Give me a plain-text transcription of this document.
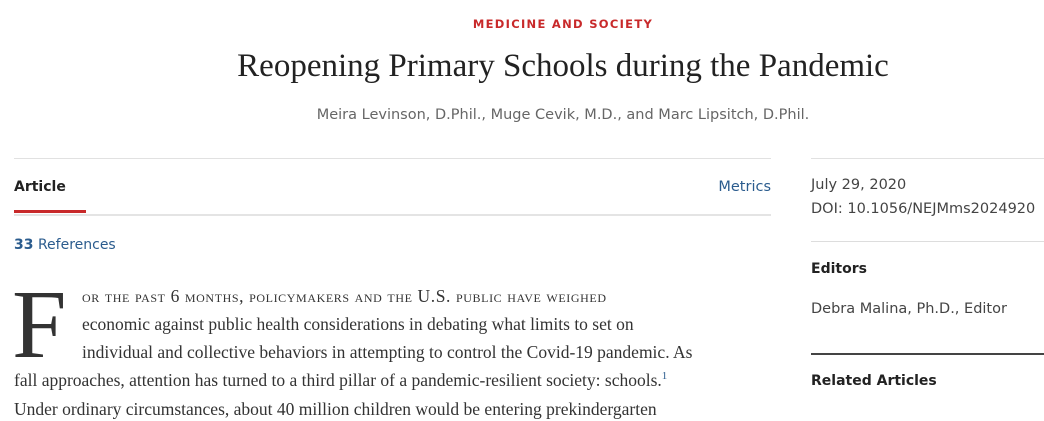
MEDICINE AND SOCIETY
Reopening Primary Schools during the Pandemic
Meira Levinson, D.Phil., Muge Cevik, M.D., and Marc Lipsitch, D.Phil.
Article	Metrics
33 References
F or the past 6 months, policymakers and the U.S. public have weighed
economic against public health considerations in debating what limits to set on
individual and collective behaviors in attempting to control the Covid-19 pandemic. As
fall approaches, attention has turned to a third pillar of a pandemic-resilient society: schools.$^1$
Under ordinary circumstances, about 40 million children would be entering prekindergarten
July 29, 2020
DOI: 10.1056/NEJMms2024920
Editors
Debra Malina, Ph.D., Editor
Related Articles
